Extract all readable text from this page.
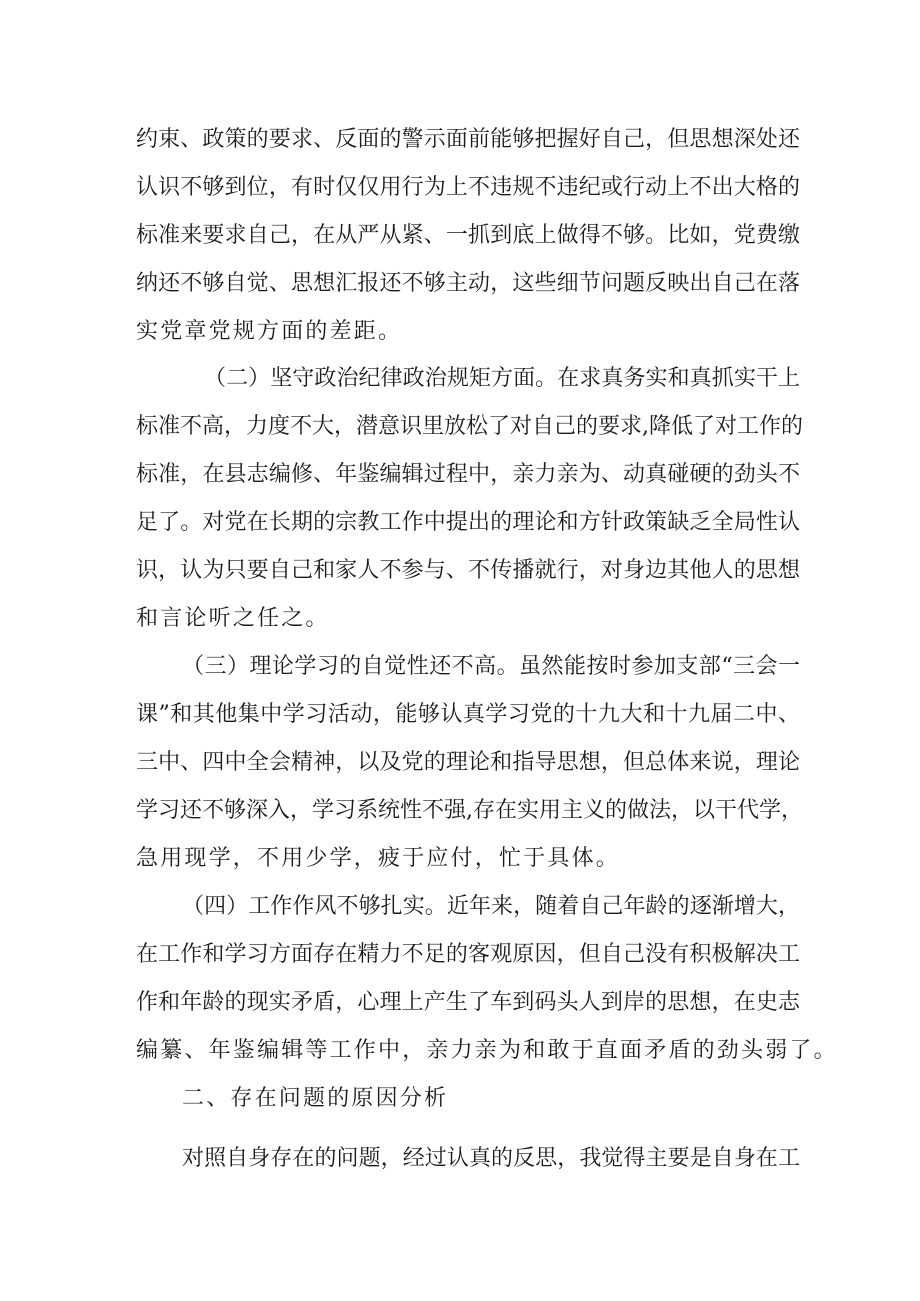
约束、政策的要求、反面的警示面前能够把握好自己，但思想深处还
认识不够到位，有时仅仅用行为上不违规不违纪或行动上不出大格的
标准来要求自己，在从严从紧、一抓到底上做得不够。比如，党费缴
纳还不够自觉、思想汇报还不够主动，这些细节问题反映出自己在落
实党章党规方面的差距。
（二）坚守政治纪律政治规矩方面。在求真务实和真抓实干上
标准不高，力度不大，潜意识里放松了对自己的要求,降低了对工作的
标准，在县志编修、年鉴编辑过程中，亲力亲为、动真碰硬的劲头不
足了。对党在长期的宗教工作中提出的理论和方针政策缺乏全局性认
识，认为只要自己和家人不参与、不传播就行，对身边其他人的思想
和言论听之任之。
（三）理论学习的自觉性还不高。虽然能按时参加支部“三会一
课”和其他集中学习活动，能够认真学习党的十九大和十九届二中、
三中、四中全会精神，以及党的理论和指导思想，但总体来说，理论
学习还不够深入，学习系统性不强,存在实用主义的做法，以干代学，
急用现学，不用少学，疲于应付，忙于具体。
（四）工作作风不够扎实。近年来，随着自己年龄的逐渐增大，
在工作和学习方面存在精力不足的客观原因，但自己没有积极解决工
作和年龄的现实矛盾，心理上产生了车到码头人到岸的思想，在史志
编纂、年鉴编辑等工作中，亲力亲为和敢于直面矛盾的劲头弱了。
二、存在问题的原因分析
对照自身存在的问题，经过认真的反思，我觉得主要是自身在工
